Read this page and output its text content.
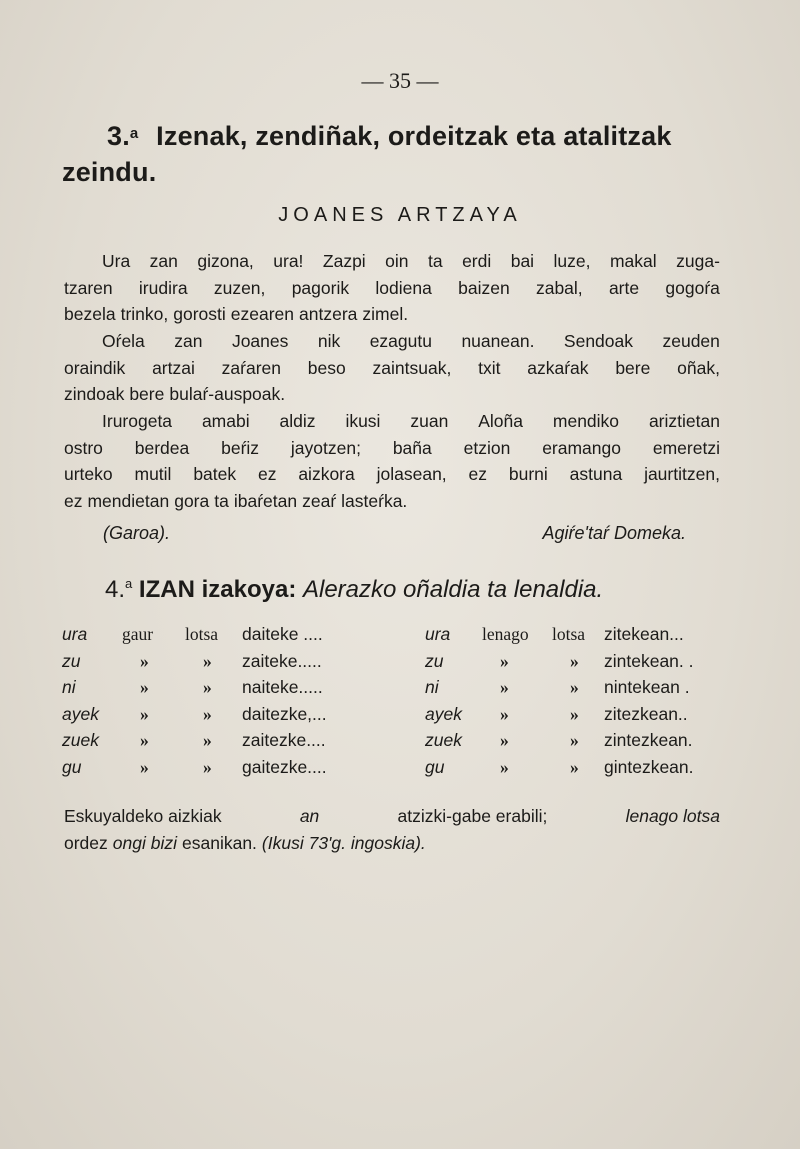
— 35 —
3.$^a$ Izenak, zendiñak, ordeitzak eta atalitzak
zeindu.
JOANES ARTZAYA
Ura zan gizona, ura! Zazpi oin ta erdi bai luze, makal zuga-
tzaren irudira zuzen, pagorik lodiena baizen zabal, arte gogoŕa
bezela trinko, gorosti ezearen antzera zimel.
Oŕela zan Joanes nik ezagutu nuanean. Sendoak zeuden
oraindik artzai zaŕaren beso zaintsuak, txit azkaŕak bere oñak,
zindoak bere bulaŕ-auspoak.
Irurogeta amabi aldiz ikusi zuan Aloña mendiko ariztietan
ostro berdea beŕiz jayotzen; baña etzion eramango emeretzi
urteko mutil batek ez aizkora jolasean, ez burni astuna jaurtitzen,
ez mendietan gora ta ibaŕetan zeaŕ lasteŕka.
(Garoa).	Agiŕe'taŕ Domeka.
4.$^a$ IZAN izakoya: Alerazko oñaldia ta lenaldia.
ura gaur lotsa daiteke ....	ura lenago lotsa zitekean...
zu	»	» zaiteke.....	zu	»	» zintekean. .
ni	»	» naiteke.....	ni	»	» nintekean .
ayek »	» daitezke,...	ayek »	» zitezkean..
zuek »	» zaitezke....	zuek »	» zintezkean.
gu	»	» gaitezke....	gu	»	» gintezkean.
Eskuyaldeko aizkiak	an	atzizki-gabe erabili;	lenago lotsa
ordez ongi bizi esanikan. (Ikusi 73'g. ingoskia).
